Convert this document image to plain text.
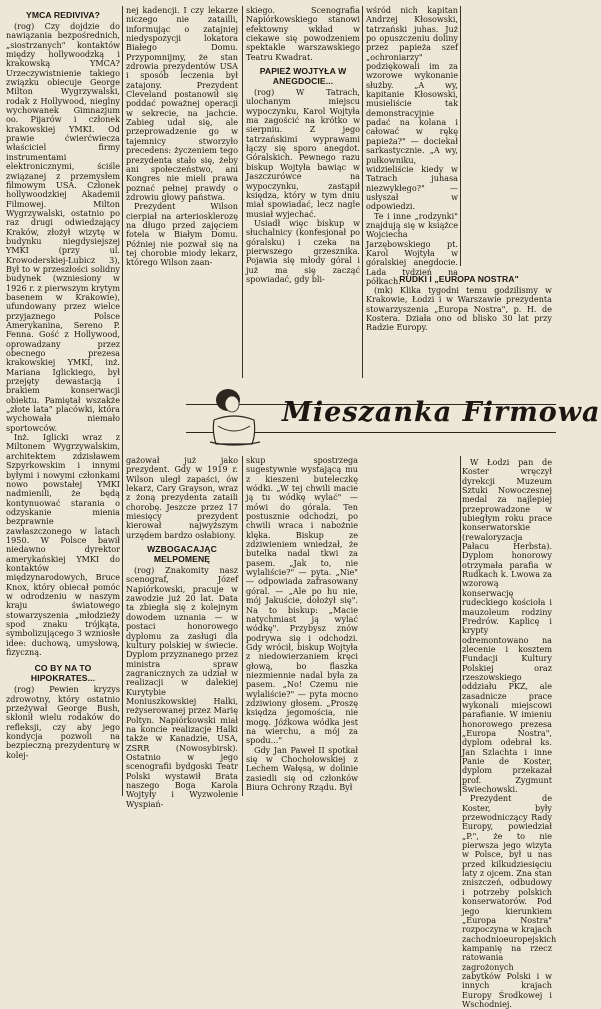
YMCA REDIVIVA?

(rog) Czy dojdzie do nawiązania bezpośrednich, „siostrzanych" kontaktów między hollywoodzką i krakowską YMCA? Urzeczywistnienie takiego związku obiecuje George Milton Wygrzywalski, rodak z Hollywood, nieglny wychowanek Gimnazjum oo. Pijarów i członek krakowskiej YMKI. Od prawie ćwierćwiecza właściciel firmy instrumentami elektronicznymi, ściśle związanej z przemysłem filmowym USA. Członek hollywoodzkiej Akademii Filmowej. Milton Wygrzywalski, ostatnio po raz drugi odwiedzający Kraków, złożył wizytę w budynku niegdysiejszej YMKI (przy ul. Krowoderskiej-Lubicz 3), Był to w przeszłości solidny budynek (wzniesiony w 1926 r. z pierwszym krytym basenem w Krakowie), ufundowany przez wielce przyjaznego Polsce Amerykanina, Sereno P. Fenna. Gość z Hollywood, oprowadzany przez obecnego prezesa krakowskiej YMKI, inż. Mariana Iglickiego, był przejęty dewastacją i brakiem konserwacji obiektu. Pamiętał wszakże „złote lata" placówki, która wychowała niemało sportowców.

Inż. Iglicki wraz z Miltonem Wygrzywalskim, architektem zdzisławem Szpyrkowskim i innymi byłymi i nowymi członkami nowo powstałej YMKI nadmienili, że będą kontynuować starania o odzyskanie mienia bezprawnie zawłaszczonego w latach 1950. W Polsce bawił niedawno dyrektor amerykańskiej YMKI do kontaktów międzynarodowych, Bruce Knox, który obiecał pomóc w odrodzeniu w naszym kraju światowego stowarzyszenia „młodzieży spod znaku trójkąta, symbolizującego 3 wzniosłe idee: duchową, umysłową, fizyczną.

CO BY NA TO HIPOKRATES...

(rog) Pewien kryzys zdrowotny, który ostatnio przeżywał George Bush, skłonił wielu rodaków do refleksji, czy aby jego kondycja pozwoli na bezpieczną prezydenturę w kolej-

nej kadencji. I czy lekarze niczego nie zatailli, informując o zatajniej niedyspozycji lokatora Białego Domu. Przypomnijmy, że stan zdrowia prezydentów USA i sposób leczenia był zatajony. Prezydent Cleveland postanowił się poddać poważnej operacji w sekrecie, na jachcie. Zabieg udał się, ale przeprowadzenie go w tajemnicy stworzyło precedens: życzeniem tego prezydenta stało się, żeby ani społeczeństwo, ani Kongres nie mieli prawa poznać pełnej prawdy o zdrowiu głowy państwa.

Prezydent Wilson cierpiał na arteriosklerozę na długo przed zajęciem fotela w Białym Domu. Później nie pozwał się na tej chorobie miody lekarz, którego Wilson zaan-

skiego. Scenografia Napiórkowskiego stanowi efektowny wkład w ciekawe się powodzeniem spektakle warszawskiego Teatru Kwadrat.

PAPIEŻ WOJTYŁA W ANEGDOCIE...

(rog) W Tatrach, ulochanym miejscu wypoczynku, Karol Wojtyła ma zagościć na krótko w sierpniu. Z jego tatrzańskimi wyprawami łączy się sporo anegdot. Góralskich. Pewnego razu biskup Wojtyła bawiąc w Jaszczurówce na wypoczynku, zastąpił księdza, który w tym dniu miał spowiadać, lecz nagle musiał wyjechać.

Usiadł więc biskup w słuchalnicy (konfesjonał po góralsku) i czeka na pierwszego grzesznika. Pojawia się młody góral i już ma się zacząć spowiadać, gdy bli-

wśród nich kapitan Andrzej Kłosowski, tatrzański juhas. Już po opuszczeniu doliny przez papieża szef „ochroniarzy" podziękowali im za wzorowe wykonanie służby. „A wy, kapitanie Kłosowski, musieliście tak demonstracyjnie padać na kolana i całować w rękę papieża?" — dociekał sarkastycznie. „A wy, pułkowniku, widzieliście kiedy w Tatrach juhasa niezwykłego?" — usłyszał w odpowiedzi.

Te i inne „rodzynki" znajdują się w książce Wojciecha Jarzębowskiego pt. Karol Wojtyła w góralskiej anegdocie. Lada tydzień na półkach.

RUDKI I „EUROPA NOSTRA"

(mk) Klika tygodni temu godzilismy w Krakowie, Łodzi i w Warszawie prezydenta stowarzyszenia „Europa Nostra", p. H. de Kostera. Działa ono od blisko 30 lat przy Radzie Europy.

W Łodzi pan de Koster wręczył dyrekcji Muzeum Sztuki Nowoczesnej medal za najlepiej przeprowadzone w ubiegłym roku prace konserwatorskie (rewaloryzacja Pałacu Herbsta). Dyplom honorowy otrzymała parafia w Rudkach k. Lwowa za wzorową konserwację rudeckiego kościoła i mauzoleum rodziny Fredrów. Kaplicę i krypty odremontowano na zlecenie i kosztem Fundacji Kultury Polskiej oraz rzeszowskiego oddziału PKZ, ale zasadnicze prace wykonali miejscowi parafianie. W imieniu honorowego prezesa „Europa Nostra", dyplom odebrał ks. Jan Szlachta i inne Panie de Koster, dyplom przekazał prof. Zygmunt Świechowski.

Prezydent de Koster, były przewodniczący Rady Europy, powiedział „P.", że to nie pierwsza jego wizyta w Polsce, był u nas przed kilkudziesięciu laty z ojcem. Zna stan zniszczeń, odbudowy i potrzeby polskich konserwatorów. Pod jego kierunkiem „Europa Nostra" rozpoczyna w krajach zachodnioeuropejskich kampanię na rzecz ratowania zagrożonych zabytków Polski i w innych krajach Europy Środkowej i Wschodniej.

Mieszanka Firmowa

gażował już jako prezydent. Gdy w 1919 r. Wilson uległ zapaści, ów lekarz, Cary Grayson, wraz z żoną prezydenta zataili chorobę. Jeszcze przez 17 miesięcy prezydent kierował najwyższym urzędem bardzo osłabiony.

WZBOGACAJĄC MELPOMENĘ

(rog) Znakomity nasz scenograf, Józef Napiórkowski, pracuje w zawodzie już 20 lat. Data ta zbiegła się z kolejnym dowodem uznania — w postaci honorowego dyplomu za zasługi dla kultury polskiej w świecie. Dyplom przyznanego przez ministra spraw zagranicznych za udział w realizacji w dalekiej Kurytybie Moniuszkowskiej Halki, reżyserowanej przez Marię Poltyn. Napiórkowski miał na koncie realizacje Halki także w Kanadzie, USA, ZSRR (Nowosybirsk). Ostatnio w jego scenografii bydgoski Teatr Polski wystawił Brata naszego Boga Karola Wojtyły i Wyzwolenie Wyspiań-

skup spostrzega sugestywnie wystającą mu z kieszeni buteleczkę wódki. „W tej chwili macie ją tu wódkę wylać" — mówi do górala. Ten postusznie odchodzi, po chwili wraca i nabożnie klęka. Biskup ze zdziwieniem wniedzał, że butelka nadal tkwi za pasem. „Jak to, nie wylaliście?" — pyta. „Nie" — odpowiada zafrasowany góral. — „Ale po hu nie, mój Jakuście, dołożył się". Na to biskup: „Macie natychmiast ją wylać wódkę". Przybysz znów podrywa się i odchodzi. Gdy wrócił, biskup Wojtyła z niedowierzaniem kręci głową, bo flaszka niezmiennie nadal była za pasem. „No! Czemu nie wylaliście?" — pyta mocno zdziwiony głosem. „Proszę księdza jegomościa, nie mogę. Jóźkowa wódka jest na wierchu, a mój za spodu..."

Gdy Jan Paweł II spotkał się w Chochołowskiej z Lechem Wałęsą, w dolinie zasiedli się od członków Biura Ochrony Rządu. Był
